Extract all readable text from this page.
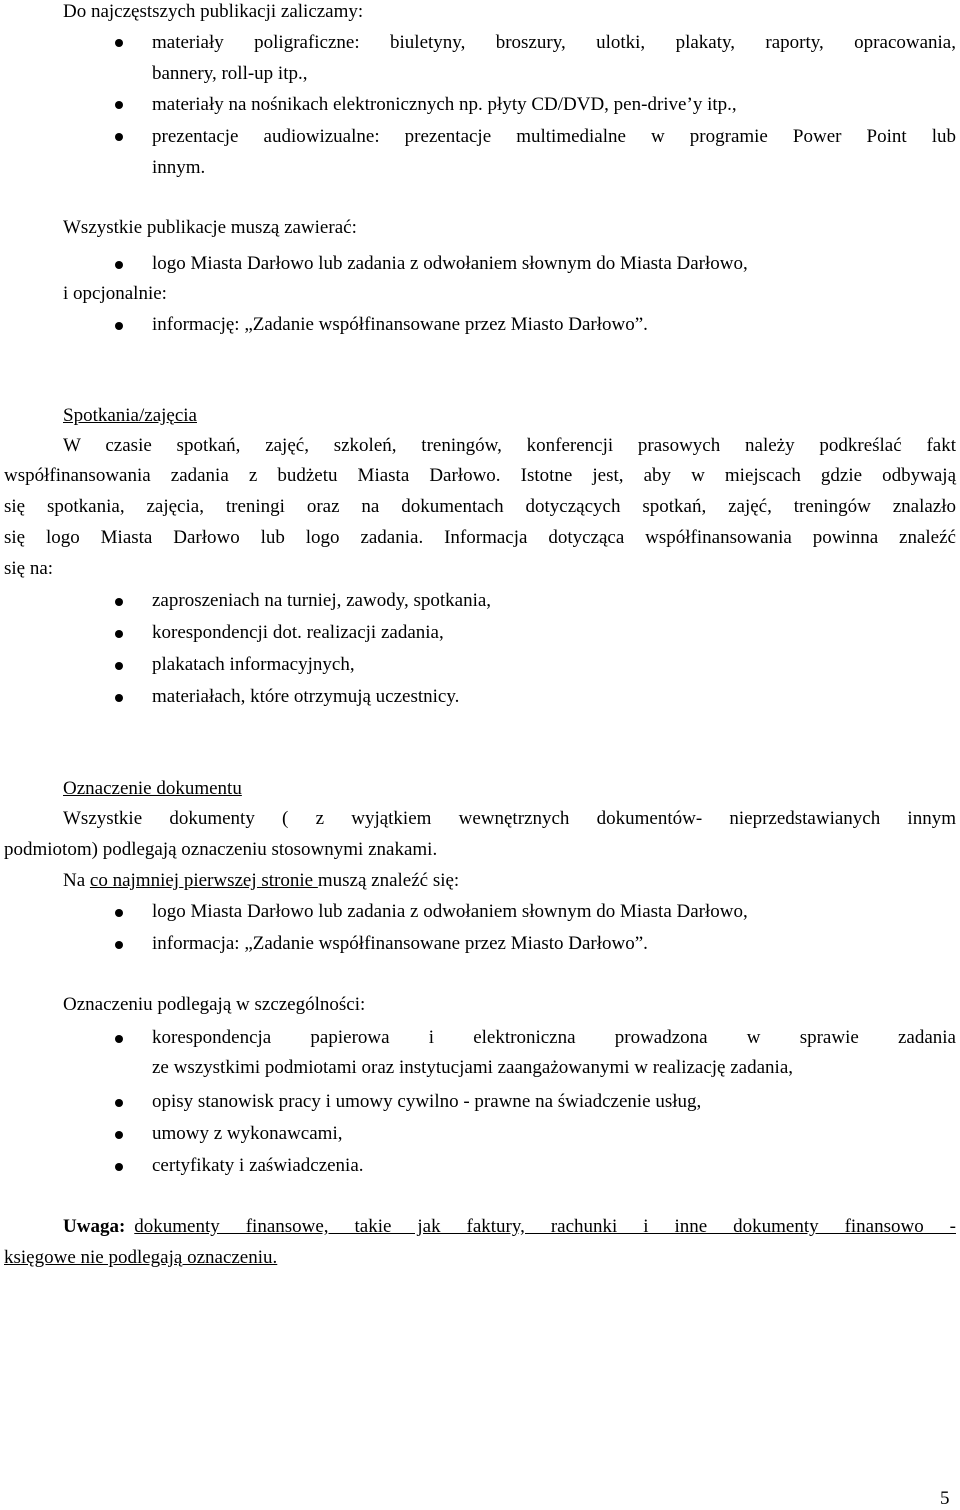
Do najczęstszych publikacji zaliczamy:
materiały poligraficzne: biuletyny, broszury, ulotki, plakaty, raporty, opracowania,
bannery, roll-up itp.,
materiały na nośnikach elektronicznych np. płyty CD/DVD, pen-drive’y itp.,
prezentacje audiowizualne: prezentacje multimedialne w programie Power Point lub
innym.
Wszystkie publikacje muszą zawierać:
logo Miasta Darłowo lub zadania z odwołaniem słownym do Miasta Darłowo,
i opcjonalnie:
informację: „Zadanie współfinansowane przez Miasto Darłowo”.
Spotkania/zajęcia
W czasie spotkań, zajęć, szkoleń, treningów, konferencji prasowych należy podkreślać fakt
współfinansowania zadania z budżetu Miasta Darłowo. Istotne jest, aby w miejscach gdzie odbywają
się spotkania, zajęcia, treningi oraz na dokumentach dotyczących spotkań, zajęć, treningów znalazło
się logo Miasta Darłowo lub logo zadania. Informacja dotycząca współfinansowania powinna znaleźć
się na:
zaproszeniach na turniej, zawody, spotkania,
korespondencji dot. realizacji zadania,
plakatach informacyjnych,
materiałach, które otrzymują uczestnicy.
Oznaczenie dokumentu
Wszystkie dokumenty ( z wyjątkiem wewnętrznych dokumentów- nieprzedstawianych innym
podmiotom) podlegają oznaczeniu stosownymi znakami.
Na co najmniej pierwszej stronie muszą znaleźć się:
logo Miasta Darłowo lub zadania z odwołaniem słownym do Miasta Darłowo,
informacja: „Zadanie współfinansowane przez Miasto Darłowo”.
Oznaczeniu podlegają w szczególności:
korespondencja papierowa i elektroniczna prowadzona w sprawie zadania
ze wszystkimi podmiotami oraz instytucjami zaangażowanymi w realizację zadania,
opisy stanowisk pracy i umowy cywilno - prawne na świadczenie usług,
umowy z wykonawcami,
certyfikaty i zaświadczenia.
Uwaga: dokumenty finansowe, takie jak faktury, rachunki i inne dokumenty finansowo -
księgowe nie podlegają oznaczeniu.
5
